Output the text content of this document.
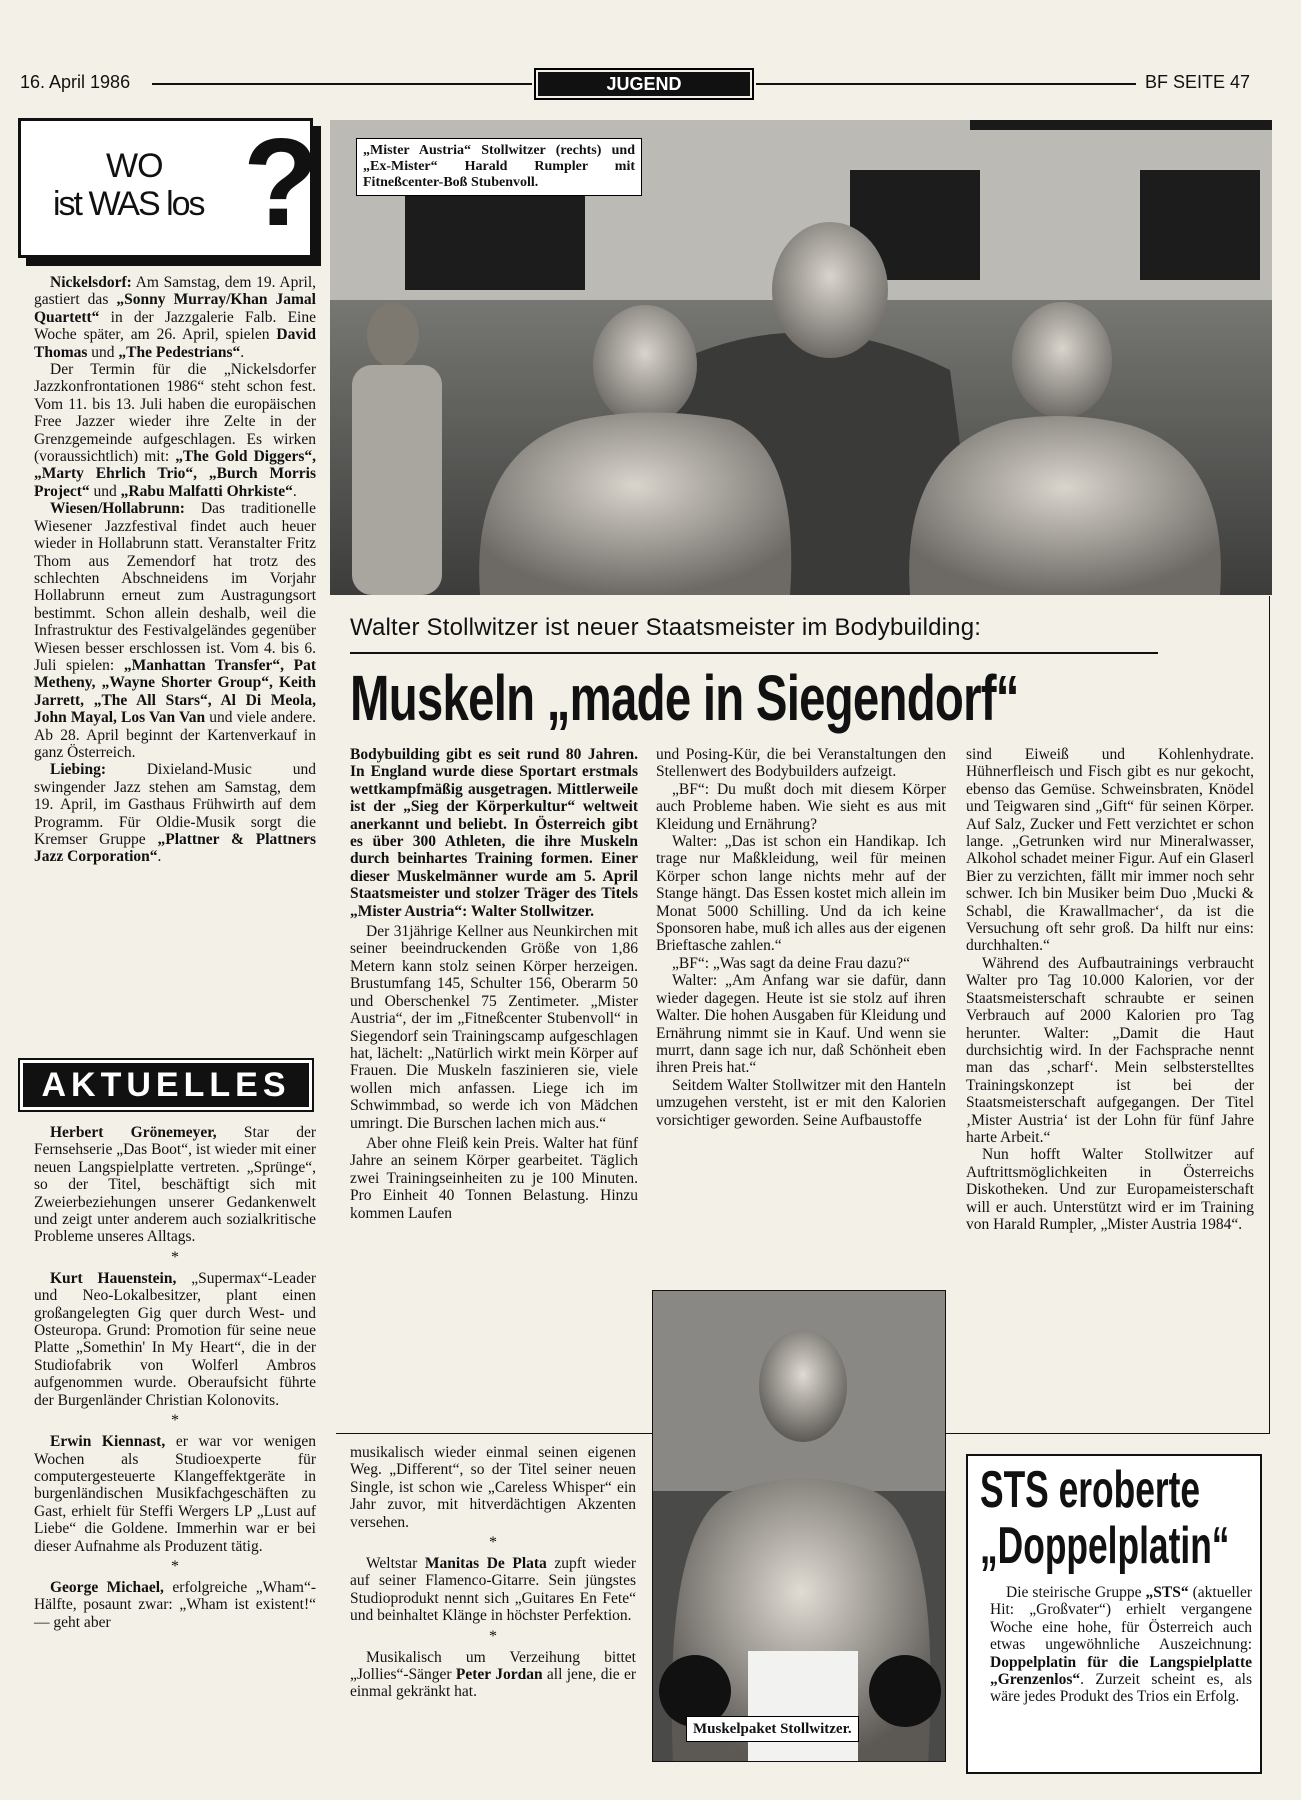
16. April 1986	JUGEND	BF SEITE 47
WO
ist WAS los ?

Nickelsdorf: Am Samstag, dem 19. April, gastiert das „Sonny Murray/Khan Jamal Quartett“ in der Jazzgalerie Falb. Eine Woche später, am 26. April, spielen David Thomas und „The Pedestrians“.

Der Termin für die „Nickelsdorfer Jazzkonfrontationen 1986“ steht schon fest. Vom 11. bis 13. Juli haben die europäischen Free Jazzer wieder ihre Zelte in der Grenzgemeinde aufgeschlagen. Es wirken (voraussichtlich) mit: „The Gold Diggers“, „Marty Ehrlich Trio“, „Burch Morris Project“ und „Rabu Malfatti Ohrkiste“.

Wiesen/Hollabrunn: Das traditionelle Wiesener Jazzfestival findet auch heuer wieder in Hollabrunn statt. Veranstalter Fritz Thom aus Zemendorf hat trotz des schlechten Abschneidens im Vorjahr Hollabrunn erneut zum Austragungsort bestimmt. Schon allein deshalb, weil die Infrastruktur des Festivalgeländes gegenüber Wiesen besser erschlossen ist. Vom 4. bis 6. Juli spielen: „Manhattan Transfer“, Pat Metheny, „Wayne Shorter Group“, Keith Jarrett, „The All Stars“, Al Di Meola, John Mayal, Los Van Van und viele andere. Ab 28. April beginnt der Kartenverkauf in ganz Österreich.

Liebing: Dixieland-Music und swingender Jazz stehen am Samstag, dem 19. April, im Gasthaus Frühwirth auf dem Programm. Für Oldie-Musik sorgt die Kremser Gruppe „Plattner & Plattners Jazz Corporation“.

AKTUELLES

Herbert Grönemeyer, Star der Fernsehserie „Das Boot“, ist wieder mit einer neuen Langspielplatte vertreten. „Sprünge“, so der Titel, beschäftigt sich mit Zweierbeziehungen unserer Gedankenwelt und zeigt unter anderem auch sozialkritische Probleme unseres Alltags.

*

Kurt Hauenstein, „Supermax“-Leader und Neo-Lokalbesitzer, plant einen großangelegten Gig quer durch West- und Osteuropa. Grund: Promotion für seine neue Platte „Somethin' In My Heart“, die in der Studiofabrik von Wolferl Ambros aufgenommen wurde. Oberaufsicht führte der Burgenländer Christian Kolonovits.

*

Erwin Kiennast, er war vor wenigen Wochen als Studioexperte für computergesteuerte Klangeffektgeräte in burgenländischen Musikfachgeschäften zu Gast, erhielt für Steffi Wergers LP „Lust auf Liebe“ die Goldene. Immerhin war er bei dieser Aufnahme als Produzent tätig.

*

George Michael, erfolgreiche „Wham“-Hälfte, posaunt zwar: „Wham ist existent!“ — geht aber

„Mister Austria“ Stollwitzer (rechts) und „Ex-Mister“ Harald Rumpler mit Fitneßcenter-Boß Stubenvoll.
Walter Stollwitzer ist neuer Staatsmeister im Bodybuilding:
Muskeln „made in Siegendorf“

Bodybuilding gibt es seit rund 80 Jahren. In England wurde diese Sportart erstmals wettkampfmäßig ausgetragen. Mittlerweile ist der „Sieg der Körperkultur“ weltweit anerkannt und beliebt. In Österreich gibt es über 300 Athleten, die ihre Muskeln durch beinhartes Training formen. Einer dieser Muskelmänner wurde am 5. April Staatsmeister und stolzer Träger des Titels „Mister Austria“: Walter Stollwitzer.

Der 31jährige Kellner aus Neunkirchen mit seiner beeindruckenden Größe von 1,86 Metern kann stolz seinen Körper herzeigen. Brustumfang 145, Schulter 156, Oberarm 50 und Oberschenkel 75 Zentimeter. „Mister Austria“, der im „Fitneßcenter Stubenvoll“ in Siegendorf sein Trainingscamp aufgeschlagen hat, lächelt: „Natürlich wirkt mein Körper auf Frauen. Die Muskeln faszinieren sie, viele wollen mich anfassen. Liege ich im Schwimmbad, so werde ich von Mädchen umringt. Die Burschen lachen mich aus.“

Aber ohne Fleiß kein Preis. Walter hat fünf Jahre an seinem Körper gearbeitet. Täglich zwei Trainingseinheiten zu je 100 Minuten. Pro Einheit 40 Tonnen Belastung. Hinzu kommen Laufen

und Posing-Kür, die bei Veranstaltungen den Stellenwert des Bodybuilders aufzeigt.

„BF“: Du mußt doch mit diesem Körper auch Probleme haben. Wie sieht es aus mit Kleidung und Ernährung?

Walter: „Das ist schon ein Handikap. Ich trage nur Maßkleidung, weil für meinen Körper schon lange nichts mehr auf der Stange hängt. Das Essen kostet mich allein im Monat 5000 Schilling. Und da ich keine Sponsoren habe, muß ich alles aus der eigenen Brieftasche zahlen.“

„BF“: „Was sagt da deine Frau dazu?“

Walter: „Am Anfang war sie dafür, dann wieder dagegen. Heute ist sie stolz auf ihren Walter. Die hohen Ausgaben für Kleidung und Ernährung nimmt sie in Kauf. Und wenn sie murrt, dann sage ich nur, daß Schönheit eben ihren Preis hat.“

Seitdem Walter Stollwitzer mit den Hanteln umzugehen versteht, ist er mit den Kalorien vorsichtiger geworden. Seine Aufbaustoffe

sind Eiweiß und Kohlenhydrate. Hühnerfleisch und Fisch gibt es nur gekocht, ebenso das Gemüse. Schweinsbraten, Knödel und Teigwaren sind „Gift“ für seinen Körper. Auf Salz, Zucker und Fett verzichtet er schon lange. „Getrunken wird nur Mineralwasser, Alkohol schadet meiner Figur. Auf ein Glaserl Bier zu verzichten, fällt mir immer noch sehr schwer. Ich bin Musiker beim Duo ‚Mucki & Schabl, die Krawallmacher‘, da ist die Versuchung oft sehr groß. Da hilft nur eins: durchhalten.“

Während des Aufbautrainings verbraucht Walter pro Tag 10.000 Kalorien, vor der Staatsmeisterschaft schraubte er seinen Verbrauch auf 2000 Kalorien pro Tag herunter. Walter: „Damit die Haut durchsichtig wird. In der Fachsprache nennt man das ‚scharf‘. Mein selbsterstelltes Trainingskonzept ist bei der Staatsmeisterschaft aufgegangen. Der Titel ‚Mister Austria‘ ist der Lohn für fünf Jahre harte Arbeit.“

Nun hofft Walter Stollwitzer auf Auftrittsmöglichkeiten in Österreichs Diskotheken. Und zur Europameisterschaft will er auch. Unterstützt wird er im Training von Harald Rumpler, „Mister Austria 1984“.

musikalisch wieder einmal seinen eigenen Weg. „Different“, so der Titel seiner neuen Single, ist schon wie „Careless Whisper“ ein Jahr zuvor, mit hitverdächtigen Akzenten versehen.

*

Weltstar Manitas De Plata zupft wieder auf seiner Flamenco-Gitarre. Sein jüngstes Studioprodukt nennt sich „Guitares En Fete“ und beinhaltet Klänge in höchster Perfektion.

*

Musikalisch um Verzeihung bittet „Jollies“-Sänger Peter Jordan all jene, die er einmal gekränkt hat.

Muskelpaket Stollwitzer.
STS eroberte
„Doppelplatin“

Die steirische Gruppe „STS“ (aktueller Hit: „Großvater“) erhielt vergangene Woche eine hohe, für Österreich auch etwas ungewöhnliche Auszeichnung: Doppelplatin für die Langspielplatte „Grenzenlos“. Zurzeit scheint es, als wäre jedes Produkt des Trios ein Erfolg.
